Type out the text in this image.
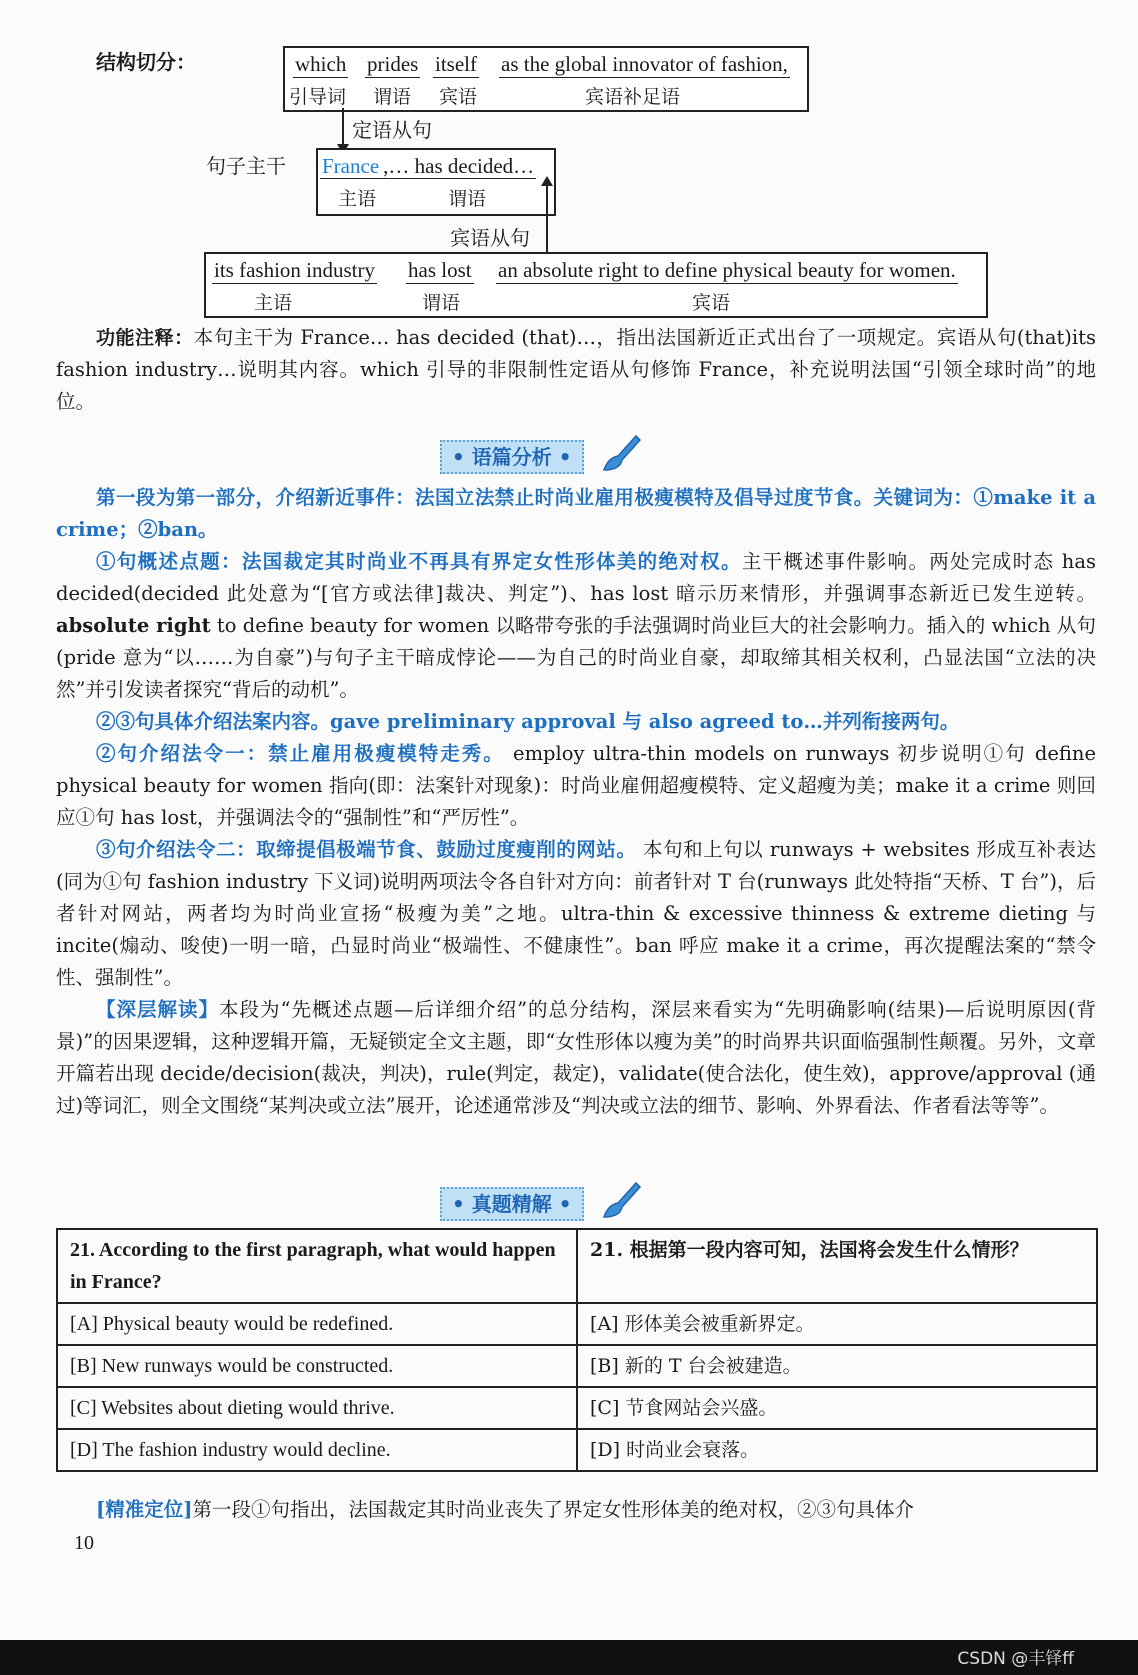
结构切分：	which prides itself as the global innovator of fashion,
引导词 谓语 宾语	宾语补足语
定语从句
句子主干 France ,… has decided…
主语	谓语
宾语从句
its fashion industry has lost an absolute right to define physical beauty for women.
主语	谓语	宾语

功能注释：本句主干为 France… has decided (that)…，指出法国新近正式出台了一项规定。宾语从句(that)its fashion industry…说明其内容。which 引导的非限制性定语从句修饰 France，补充说明法国“引领全球时尚”的地位。

• 语篇分析 •

第一段为第一部分，介绍新近事件：法国立法禁止时尚业雇用极瘦模特及倡导过度节食。关键词为：①make it a crime；②ban。

①句概述点题：法国裁定其时尚业不再具有界定女性形体美的绝对权。主干概述事件影响。两处完成时态 has decided(decided 此处意为“[官方或法律]裁决、判定”)、has lost 暗示历来情形，并强调事态新近已发生逆转。absolute right to define beauty for women 以略带夸张的手法强调时尚业巨大的社会影响力。插入的 which 从句(pride 意为“以……为自豪”)与句子主干暗成悖论——为自己的时尚业自豪，却取缔其相关权利，凸显法国“立法的决然”并引发读者探究“背后的动机”。

②③句具体介绍法案内容。gave preliminary approval 与 also agreed to…并列衔接两句。

②句介绍法令一：禁止雇用极瘦模特走秀。 employ ultra-thin models on runways 初步说明①句 define physical beauty for women 指向(即：法案针对现象)：时尚业雇佣超瘦模特、定义超瘦为美；make it a crime 则回应①句 has lost，并强调法令的“强制性”和“严厉性”。

③句介绍法令二：取缔提倡极端节食、鼓励过度瘦削的网站。 本句和上句以 runways + websites 形成互补表达(同为①句 fashion industry 下义词)说明两项法令各自针对方向：前者针对 T 台(runways 此处特指“天桥、T 台”)，后者针对网站，两者均为时尚业宣扬“极瘦为美”之地。ultra-thin & excessive thinness & extreme dieting 与 incite(煽动、唆使)一明一暗，凸显时尚业“极端性、不健康性”。ban 呼应 make it a crime，再次提醒法案的“禁令性、强制性”。

【深层解读】本段为“先概述点题—后详细介绍”的总分结构，深层来看实为“先明确影响(结果)—后说明原因(背景)”的因果逻辑，这种逻辑开篇，无疑锁定全文主题，即“女性形体以瘦为美”的时尚界共识面临强制性颠覆。另外，文章开篇若出现 decide/decision(裁决，判决)，rule(判定，裁定)，validate(使合法化，使生效)，approve/approval (通过)等词汇，则全文围绕“某判决或立法”展开，论述通常涉及“判决或立法的细节、影响、外界看法、作者看法等等”。

• 真题精解 •
21. According to the first paragraph, what would happen in France?	21. 根据第一段内容可知，法国将会发生什么情形？
[A] Physical beauty would be redefined.	[A] 形体美会被重新界定。
[B] New runways would be constructed.	[B] 新的 T 台会被建造。
[C] Websites about dieting would thrive.	[C] 节食网站会兴盛。
[D] The fashion industry would decline.	[D] 时尚业会衰落。

[精准定位]第一段①句指出，法国裁定其时尚业丧失了界定女性形体美的绝对权，②③句具体介

10
CSDN @丰铎ff
